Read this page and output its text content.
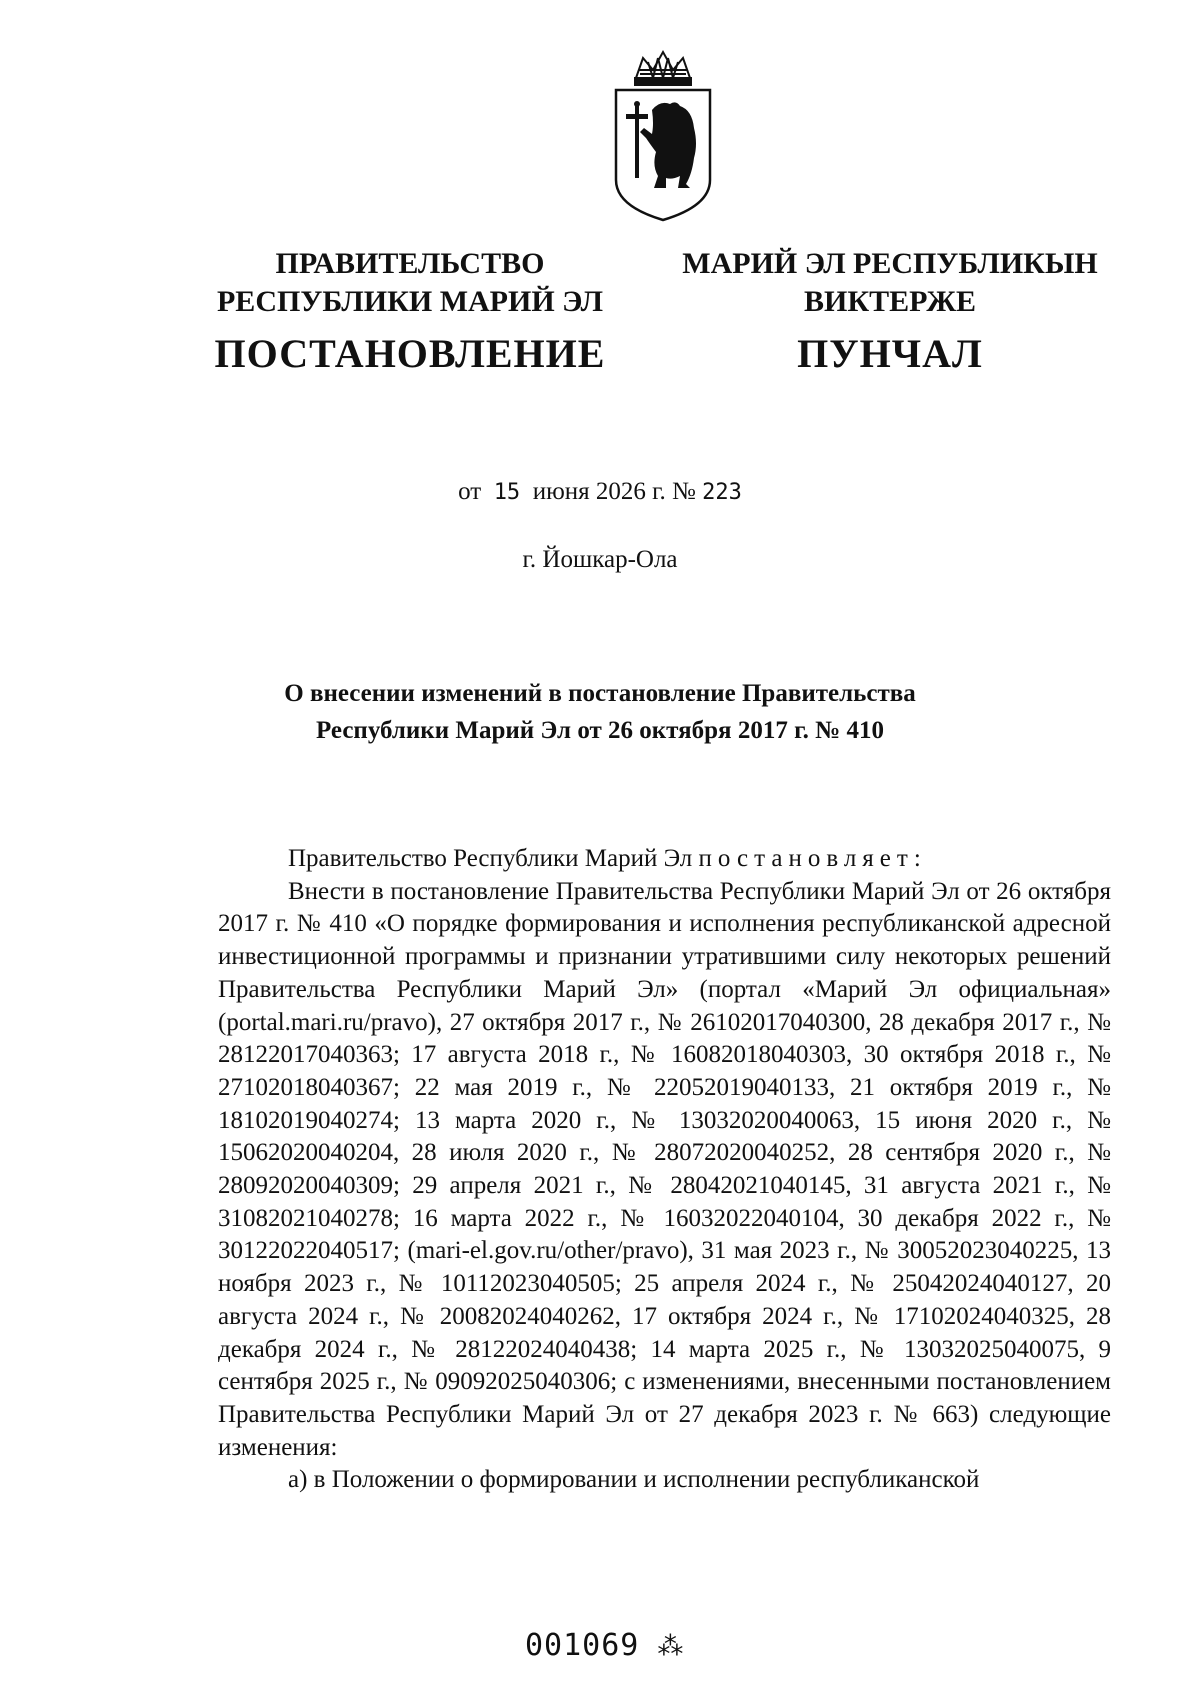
ПРАВИТЕЛЬСТВО
РЕСПУБЛИКИ МАРИЙ ЭЛ
ПОСТАНОВЛЕНИЕ
МАРИЙ ЭЛ РЕСПУБЛИКЫН
ВИКТЕРЖЕ
ПУНЧАЛ
от 15 июня 2026 г. № 223
г. Йошкар-Ола
О внесении изменений в постановление Правительства
Республики Марий Эл от 26 октября 2017 г. № 410

Правительство Республики Марий Эл постановляет:

Внести в постановление Правительства Республики Марий Эл от 26 октября 2017 г. № 410 «О порядке формирования и исполнения республиканской адресной инвестиционной программы и признании утратившими силу некоторых решений Правительства Республики Марий Эл» (портал «Марий Эл официальная» (portal.mari.ru/pravo), 27 октября 2017 г., № 26102017040300, 28 декабря 2017 г., № 28122017040363; 17 августа 2018 г., № 16082018040303, 30 октября 2018 г., № 27102018040367; 22 мая 2019 г., № 22052019040133, 21 октября 2019 г., № 18102019040274; 13 марта 2020 г., № 13032020040063, 15 июня 2020 г., № 15062020040204, 28 июля 2020 г., № 28072020040252, 28 сентября 2020 г., № 28092020040309; 29 апреля 2021 г., № 28042021040145, 31 августа 2021 г., № 31082021040278; 16 марта 2022 г., № 16032022040104, 30 декабря 2022 г., № 30122022040517; (mari-el.gov.ru/other/pravo), 31 мая 2023 г., № 30052023040225, 13 ноября 2023 г., № 10112023040505; 25 апреля 2024 г., № 25042024040127, 20 августа 2024 г., № 20082024040262, 17 октября 2024 г., № 17102024040325, 28 декабря 2024 г., № 28122024040438; 14 марта 2025 г., № 13032025040075, 9 сентября 2025 г., № 09092025040306; с изменениями, внесенными постановлением Правительства Республики Марий Эл от 27 декабря 2023 г. № 663) следующие изменения:

а) в Положении о формировании и исполнении республиканской

001069 ⁂
